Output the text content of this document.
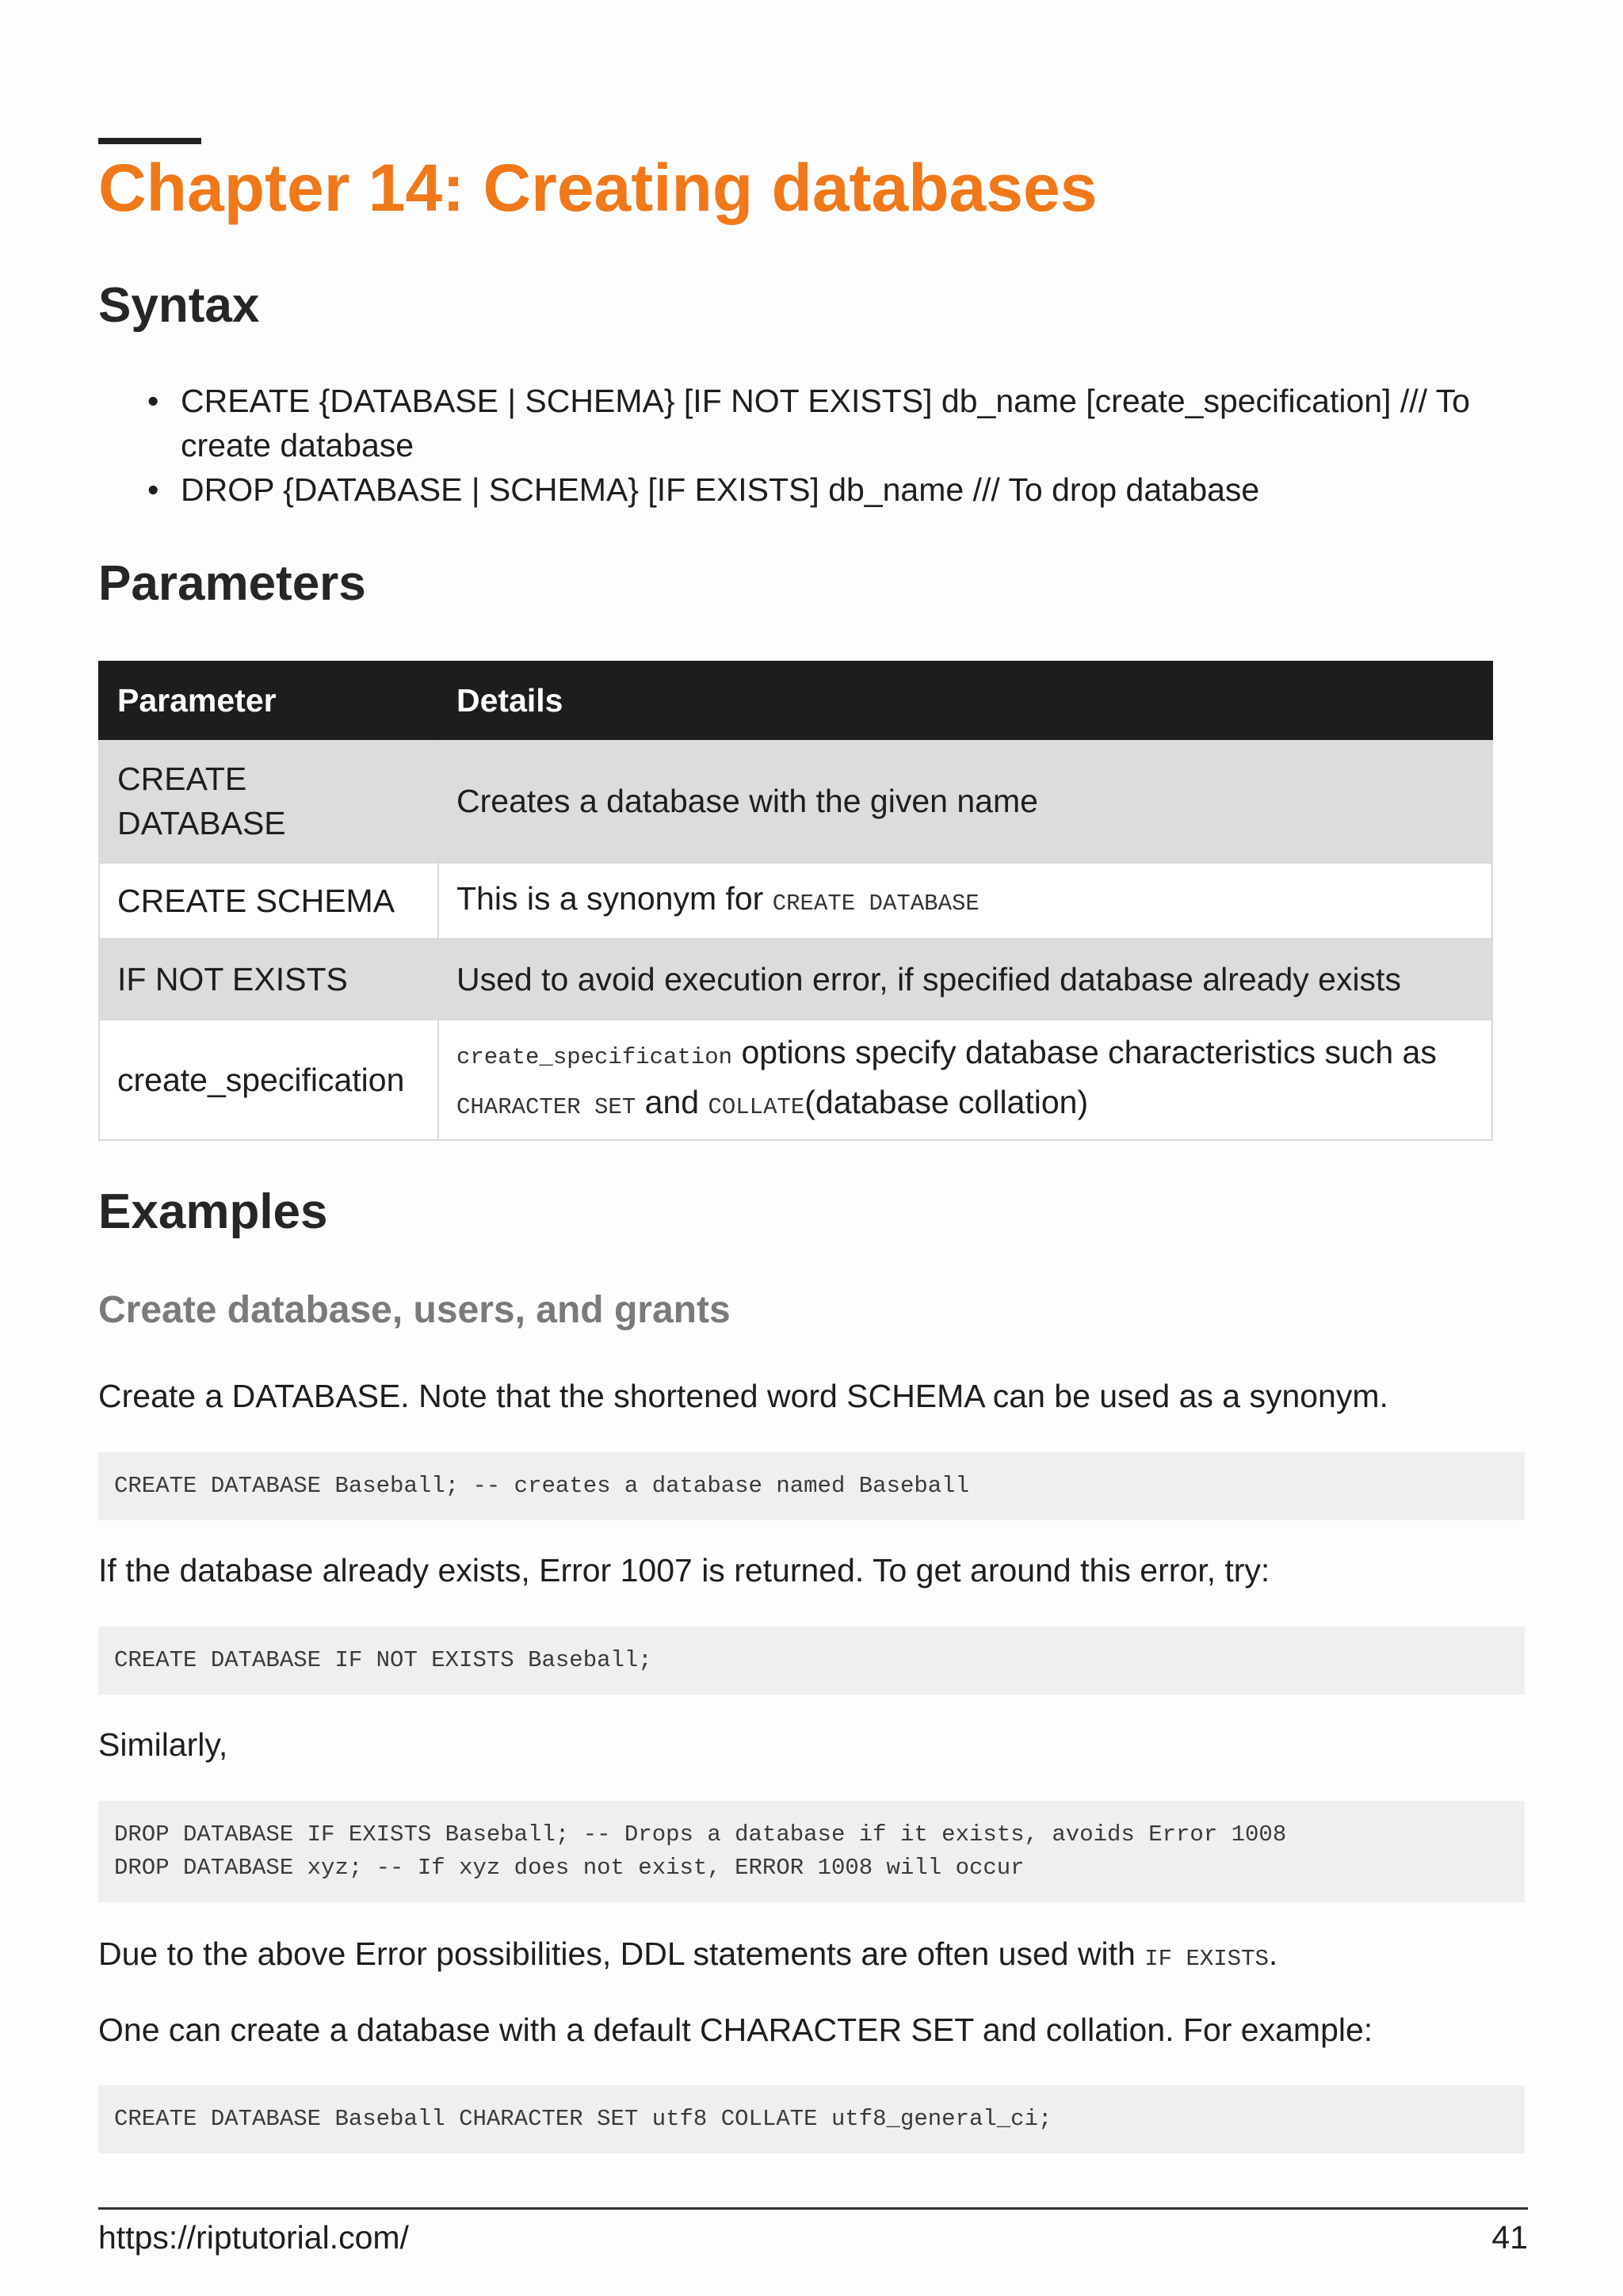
Chapter 14: Creating databases
Syntax
• CREATE {DATABASE | SCHEMA} [IF NOT EXISTS] db_name [create_specification] /// To create database
• DROP {DATABASE | SCHEMA} [IF EXISTS] db_name /// To drop database
Parameters
Parameter	Details
CREATE DATABASE	Creates a database with the given name
CREATE SCHEMA	This is a synonym for CREATE DATABASE
IF NOT EXISTS	Used to avoid execution error, if specified database already exists
create_specification	create_specification options specify database characteristics such as CHARACTER SET and COLLATE(database collation)
Examples
Create database, users, and grants

Create a DATABASE. Note that the shortened word SCHEMA can be used as a synonym.

CREATE DATABASE Baseball; -- creates a database named Baseball

If the database already exists, Error 1007 is returned. To get around this error, try:

CREATE DATABASE IF NOT EXISTS Baseball;

Similarly,

DROP DATABASE IF EXISTS Baseball; -- Drops a database if it exists, avoids Error 1008
DROP DATABASE xyz; -- If xyz does not exist, ERROR 1008 will occur

Due to the above Error possibilities, DDL statements are often used with IF EXISTS.

One can create a database with a default CHARACTER SET and collation. For example:

CREATE DATABASE Baseball CHARACTER SET utf8 COLLATE utf8_general_ci;
https://riptutorial.com/	41
